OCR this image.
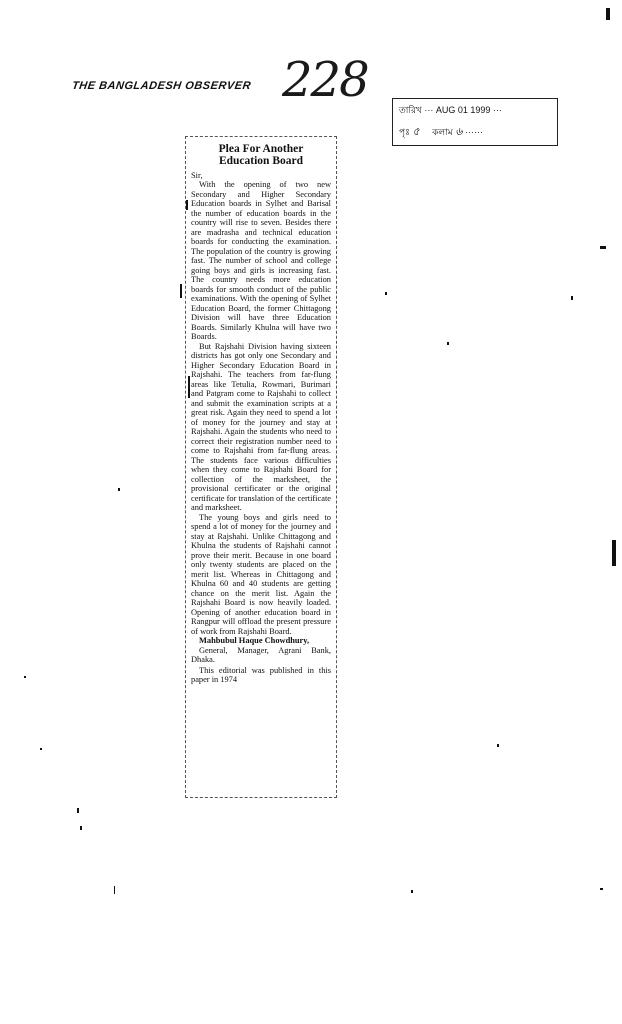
THE BANGLADESH OBSERVER 228
তারিখ ··· AUG 01 1999 ···
পৃঃ ৫ কলাম ৬ ······
Plea For Another
Education Board
Sir,

With the opening of two new Secondary and Higher Secondary Education boards in Sylhet and Barisal the number of education boards in the country will rise to seven. Besides there are madrasha and technical education boards for conducting the examination. The population of the country is growing fast. The number of school and college going boys and girls is increasing fast. The country needs more education boards for smooth conduct of the public examinations. With the opening of Sylhet Education Board, the former Chittagong Division will have three Education Boards. Similarly Khulna will have two Boards.

But Rajshahi Division having sixteen districts has got only one Secondary and Higher Secondary Education Board in Rajshahi. The teachers from far-flung areas like Tetulia, Rowmari, Burimari and Patgram come to Rajshahi to collect and submit the examination scripts at a great risk. Again they need to spend a lot of money for the journey and stay at Rajshahi. Again the students who need to correct their registration number need to come to Rajshahi from far-flung areas. The students face various difficulties when they come to Rajshahi Board for collection of the marksheet, the provisional certificater or the original certificate for translation of the certificate and marksheet.

The young boys and girls need to spend a lot of money for the journey and stay at Rajshahi. Unlike Chittagong and Khulna the students of Rajshahi cannot prove their merit. Because in one board only twenty students are placed on the merit list. Whereas in Chittagong and Khulna 60 and 40 students are getting chance on the merit list. Again the Rajshahi Board is now heavily loaded. Opening of another education board in Rangpur will offload the present pressure of work from Rajshahi Board.

Mahbubul Haque Chowdhury,

General, Manager, Agrani Bank, Dhaka.

This editorial was published in this paper in 1974
